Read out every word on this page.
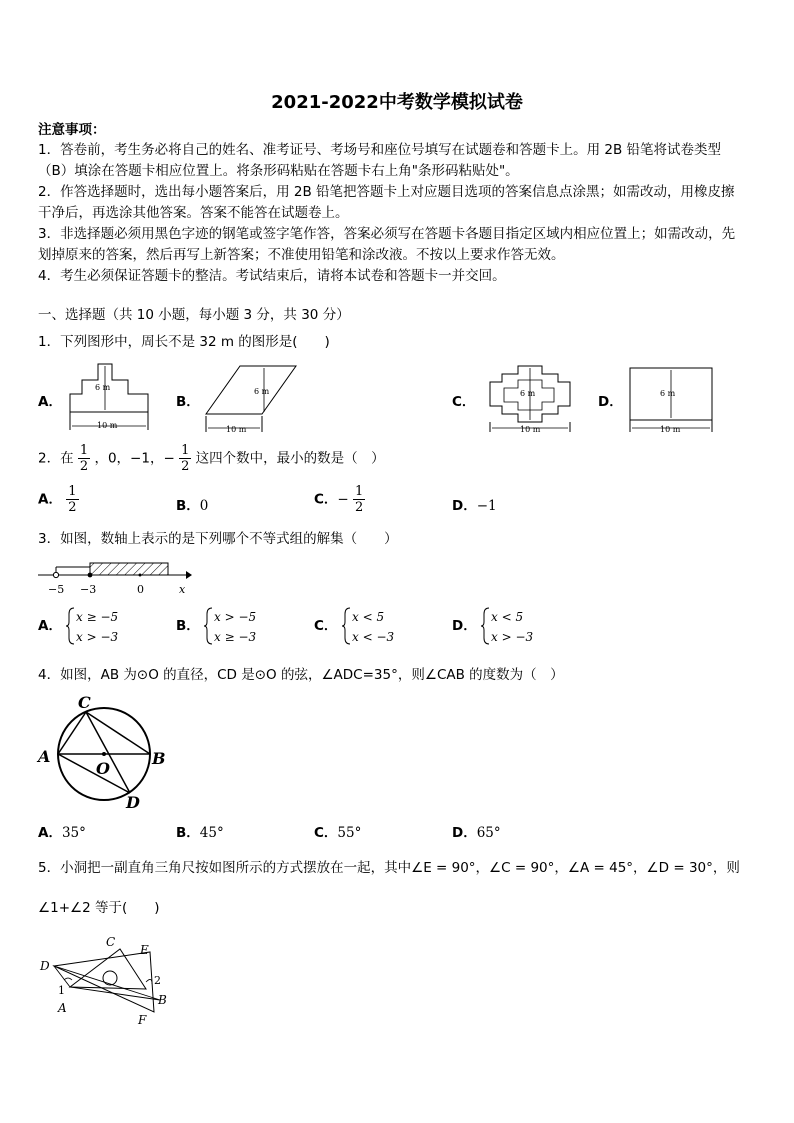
2021-2022中考数学模拟试卷
注意事项：
1．答卷前，考生务必将自己的姓名、准考证号、考场号和座位号填写在试题卷和答题卡上。用 2B 铅笔将试卷类型
（B）填涂在答题卡相应位置上。将条形码粘贴在答题卡右上角"条形码粘贴处"。
2．作答选择题时，选出每小题答案后，用 2B 铅笔把答题卡上对应题目选项的答案信息点涂黑；如需改动，用橡皮擦
干净后，再选涂其他答案。答案不能答在试题卷上。
3．非选择题必须用黑色字迹的钢笔或签字笔作答，答案必须写在答题卡各题目指定区域内相应位置上；如需改动，先
划掉原来的答案，然后再写上新答案；不准使用铅笔和涂改液。不按以上要求作答无效。
4．考生必须保证答题卡的整洁。考试结束后，请将本试卷和答题卡一并交回。
一、选择题（共 10 小题，每小题 3 分，共 30 分）
1．下列图形中，周长不是 32 m 的图形是(　　)
A．
6 m
10 m
B．
6 m
10 m
C．
6 m
10 m
D．
6 m
10 m
2．在 $\frac{1}{2}$ ，0，−1，− $\frac{1}{2}$ 这四个数中，最小的数是（　）
A． $\frac{1}{2}$	B．0	C．− $\frac{1}{2}$	D．−1
3．如图，数轴上表示的是下列哪个不等式组的解集（　　）
−5 −3	0	x
A．
x ≥ −5
x > −3
B．
x > −5
x ≥ −3
C．
x < 5
x < −3
D．
x < 5
x > −3
4．如图，AB 为⊙O 的直径，CD 是⊙O 的弦，∠ADC=35°，则∠CAB 的度数为（　）
C
A
O
B
D
A．35°	B．45°	C．55°	D．65°
5．小洞把一副直角三角尺按如图所示的方式摆放在一起，其中∠E = 90°，∠C = 90°，∠A = 45°，∠D = 30°，则
∠1+∠2 等于(　　)
C
E
D
2
1
B
A
F
